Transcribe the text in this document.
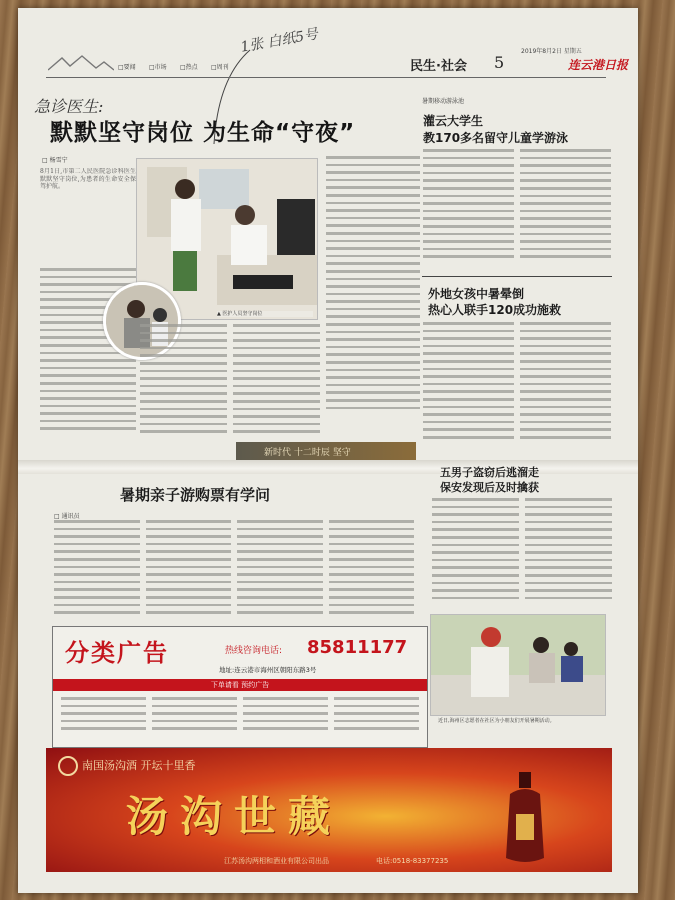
□要闻 □市场 □热点 □周刊
1张 白纸5号
民生·社会 5
2019年8月2日 星期五
连云港日报
急诊医生:
默默坚守岗位 为生命“守夜”
□ 杨雪宁
8月1日,市第二人民医院急诊科医生默默坚守岗位,为患者的生命安全保驾护航。
▲ 医护人员坚守岗位
新时代 十二时辰 坚守
暑期移动游泳池
灌云大学生
教170多名留守儿童学游泳
外地女孩中暑晕倒
热心人联手120成功施救
暑期亲子游购票有学问
□ 通讯员
五男子盗窃后逃溜走
保安发现后及时擒获
近日,海州区志愿者在社区为小朋友们开展暑期活动。
分类广告	热线咨询电话: 85811177
地址:连云港市海州区朝阳东路3号
下单请看 预约广告
南国汤沟酒 开坛十里香
汤沟世藏
江苏汤沟两相和酒业有限公司出品	电话:0518-83377235
